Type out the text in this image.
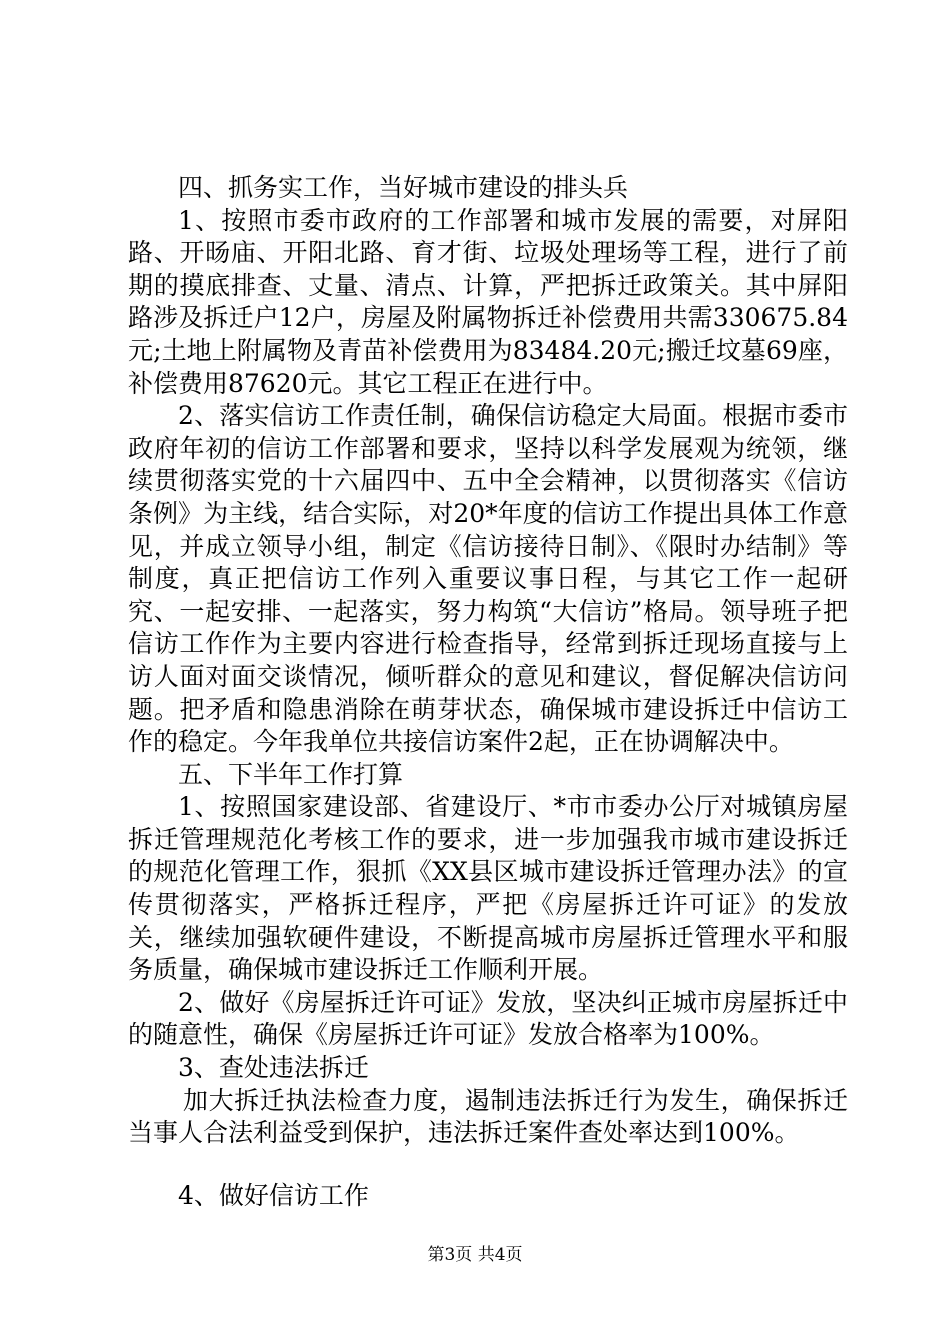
四、抓务实工作，当好城市建设的排头兵

1、按照市委市政府的工作部署和城市发展的需要，对屏阳路、开旸庙、开阳北路、育才街、垃圾处理场等工程，进行了前期的摸底排查、丈量、清点、计算，严把拆迁政策关。其中屏阳路涉及拆迁户12户，房屋及附属物拆迁补偿费用共需330675.84元;土地上附属物及青苗补偿费用为83484.20元;搬迁坟墓69座，补偿费用87620元。其它工程正在进行中。

2、落实信访工作责任制，确保信访稳定大局面。根据市委市政府年初的信访工作部署和要求，坚持以科学发展观为统领，继续贯彻落实党的十六届四中、五中全会精神，以贯彻落实《信访条例》为主线，结合实际，对20*年度的信访工作提出具体工作意见，并成立领导小组，制定《信访接待日制》、《限时办结制》等制度，真正把信访工作列入重要议事日程，与其它工作一起研究、一起安排、一起落实，努力构筑“大信访”格局。领导班子把信访工作作为主要内容进行检查指导，经常到拆迁现场直接与上访人面对面交谈情况，倾听群众的意见和建议，督促解决信访问题。把矛盾和隐患消除在萌芽状态，确保城市建设拆迁中信访工作的稳定。今年我单位共接信访案件2起，正在协调解决中。

五、下半年工作打算

1、按照国家建设部、省建设厅、*市市委办公厅对城镇房屋拆迁管理规范化考核工作的要求，进一步加强我市城市建设拆迁的规范化管理工作，狠抓《XX县区城市建设拆迁管理办法》的宣传贯彻落实，严格拆迁程序，严把《房屋拆迁许可证》的发放关，继续加强软硬件建设，不断提高城市房屋拆迁管理水平和服务质量，确保城市建设拆迁工作顺利开展。

2、做好《房屋拆迁许可证》发放，坚决纠正城市房屋拆迁中的随意性，确保《房屋拆迁许可证》发放合格率为100%。

3、查处违法拆迁

加大拆迁执法检查力度，遏制违法拆迁行为发生，确保拆迁当事人合法利益受到保护，违法拆迁案件查处率达到100%。

4、做好信访工作

第3页 共4页
